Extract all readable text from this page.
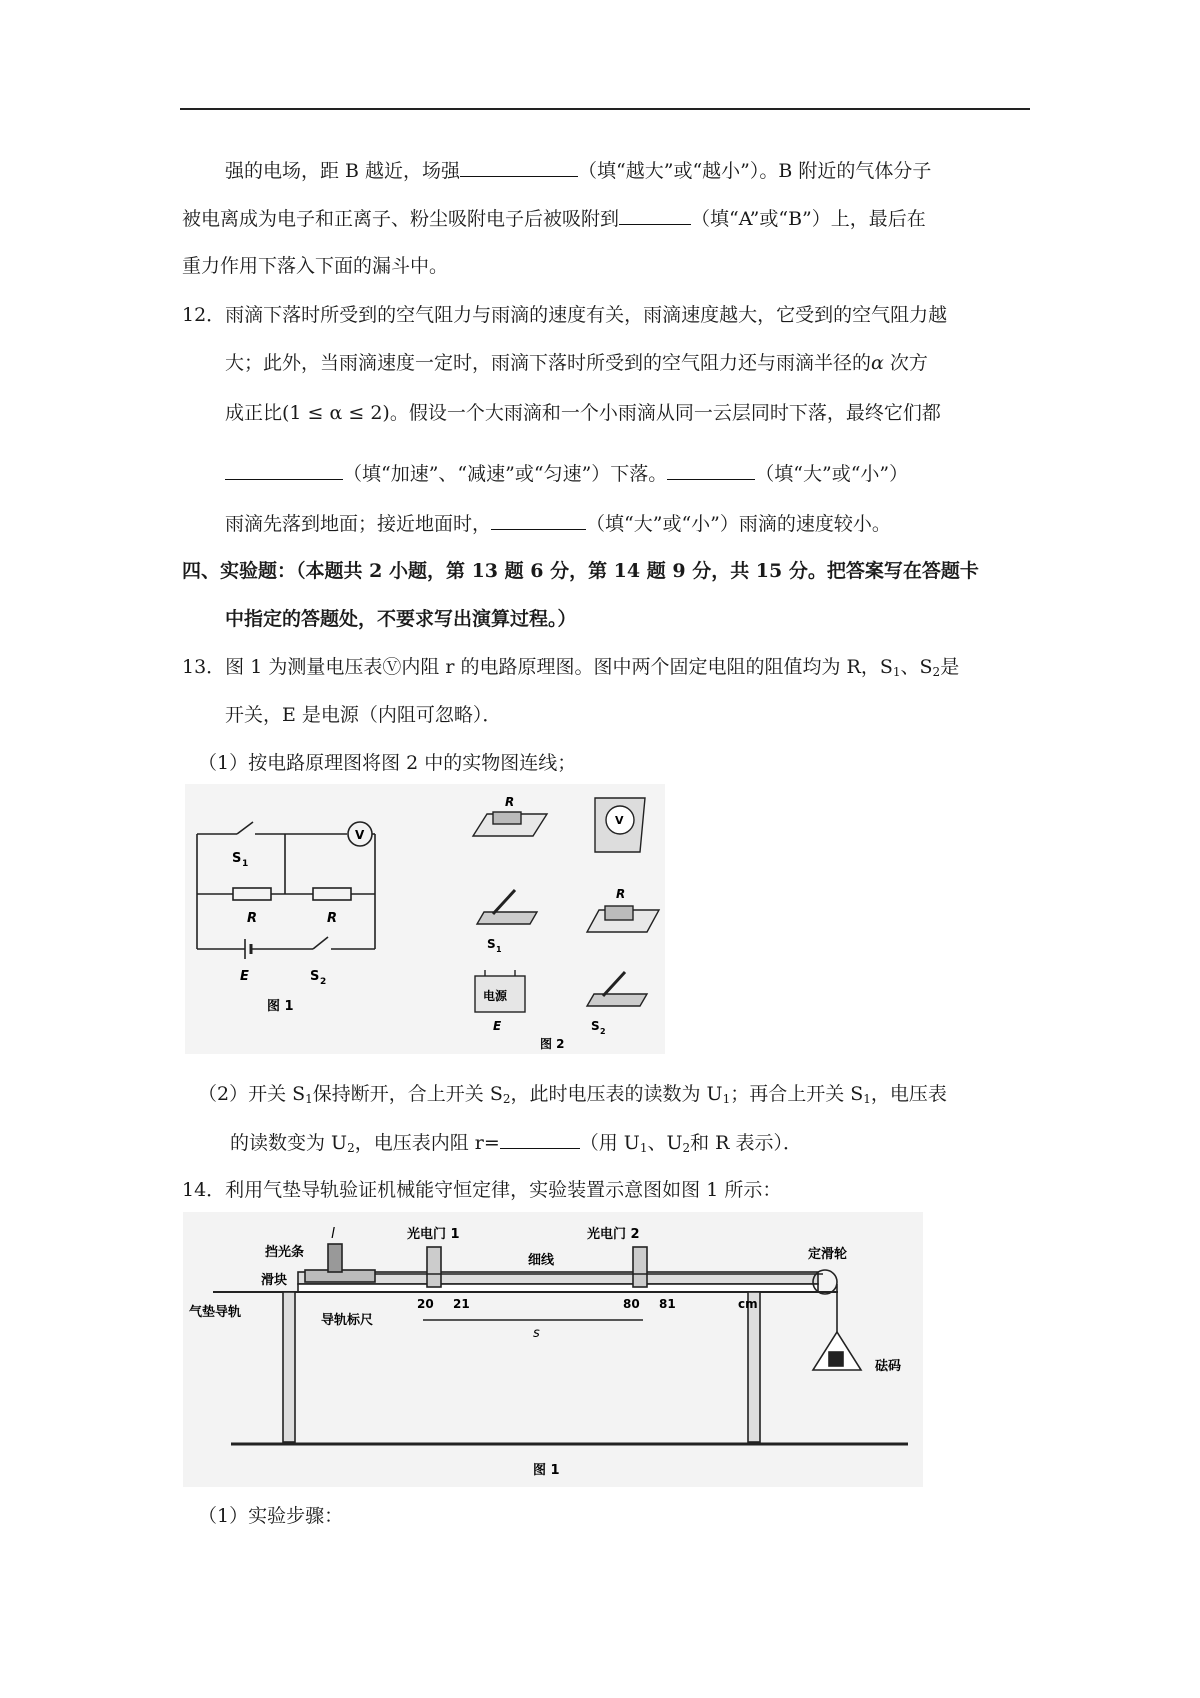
强的电场，距 B 越近，场强	（填“越大”或“越小”）。B 附近的气体分子
被电离成为电子和正离子、粉尘吸附电子后被吸附到	（填“A”或“B”）上，最后在
重力作用下落入下面的漏斗中。
12．雨滴下落时所受到的空气阻力与雨滴的速度有关，雨滴速度越大，它受到的空气阻力越
大；此外，当雨滴速度一定时，雨滴下落时所受到的空气阻力还与雨滴半径的α 次方
成正比(1 ≤ α ≤ 2)。假设一个大雨滴和一个小雨滴从同一云层同时下落，最终它们都
（填“加速”、“减速”或“匀速”）下落。	（填“大”或“小”）
雨滴先落到地面；接近地面时，	（填“大”或“小”）雨滴的速度较小。
四、实验题：（本题共 2 小题，第 13 题 6 分，第 14 题 9 分，共 15 分。把答案写在答题卡
中指定的答题处，不要求写出演算过程。）
13．图 1 为测量电压表Ⓥ内阻 r 的电路原理图。图中两个固定电阻的阻值均为 R，$S_1$、$S_2$是
开关，E 是电源（内阻可忽略）．
（1）按电路原理图将图 2 中的实物图连线；
S 1
V
R	R
E	S 2
图 1
R
V
S 1
R
电源
E	S 2
图 2
（2）开关 $S_1$保持断开，合上开关 $S_2$，此时电压表的读数为 $U_1$；再合上开关 $S_1$，电压表
的读数变为 $U_2$，电压表内阻 r=	（用 $U_1$、$U_2$和 R 表示）．
14．利用气垫导轨验证机械能守恒定律，实验装置示意图如图 1 所示：
l
挡光条
光电门 1	光电门 2
细线	定滑轮
滑块
气垫导轨
导轨标尺
20 21	80 81	cm
s
砝码
图 1
（1）实验步骤：
